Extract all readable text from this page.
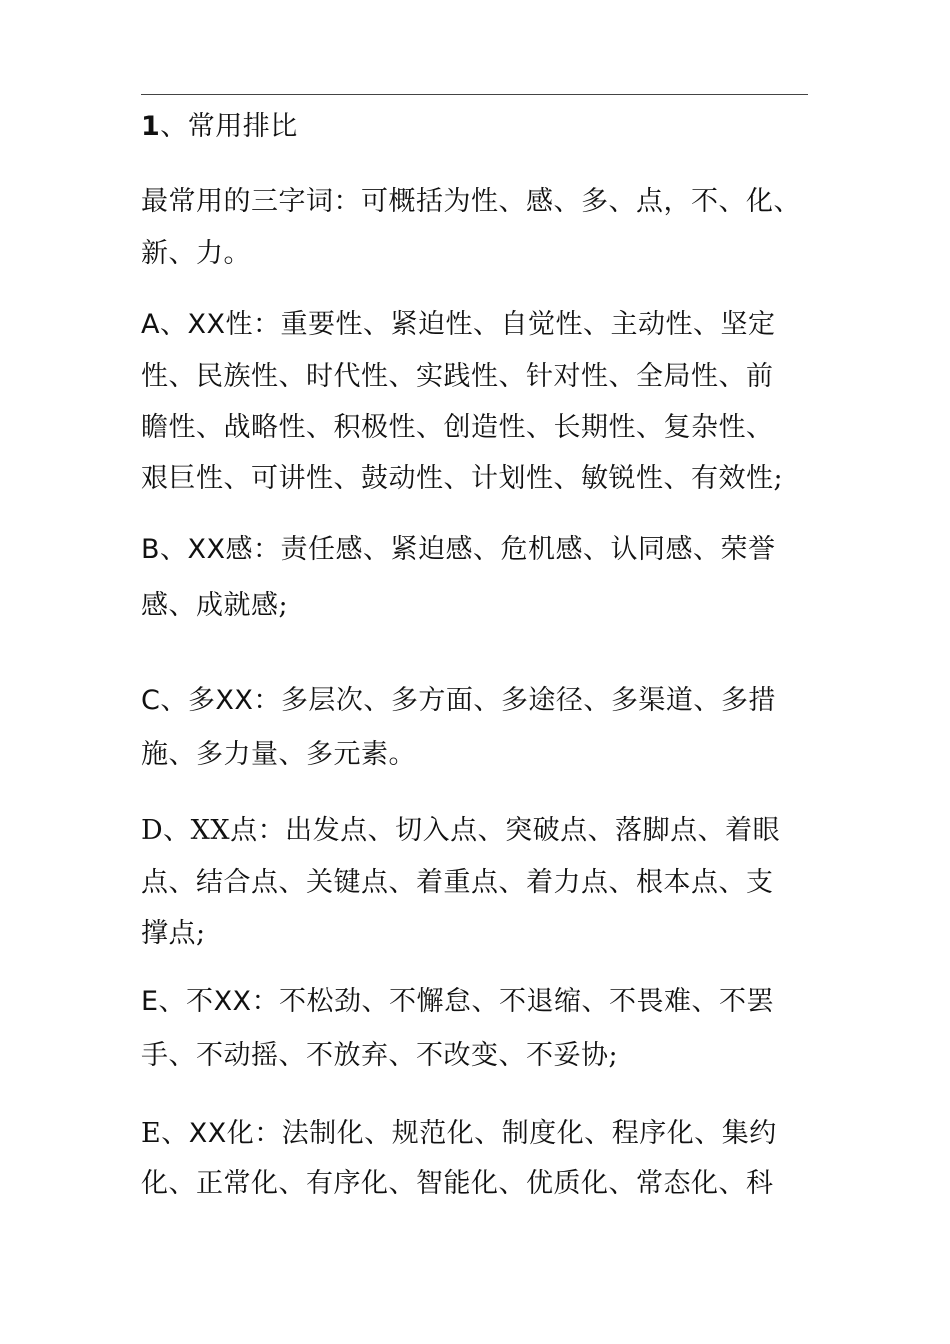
1、常用排比
最常用的三字词：可概括为性、感、多、点，不、化、
新、力。
A、XX性：重要性、紧迫性、自觉性、主动性、坚定
性、民族性、时代性、实践性、针对性、全局性、前
瞻性、战略性、积极性、创造性、长期性、复杂性、
艰巨性、可讲性、鼓动性、计划性、敏锐性、有效性;
B、XX感：责任感、紧迫感、危机感、认同感、荣誉
感、成就感;
C、多XX：多层次、多方面、多途径、多渠道、多措
施、多力量、多元素。
D、XX点：出发点、切入点、突破点、落脚点、着眼
点、结合点、关键点、着重点、着力点、根本点、支
撑点;
E、不XX：不松劲、不懈怠、不退缩、不畏难、不罢
手、不动摇、不放弃、不改变、不妥协;
E、XX化：法制化、规范化、制度化、程序化、集约
化、正常化、有序化、智能化、优质化、常态化、科
